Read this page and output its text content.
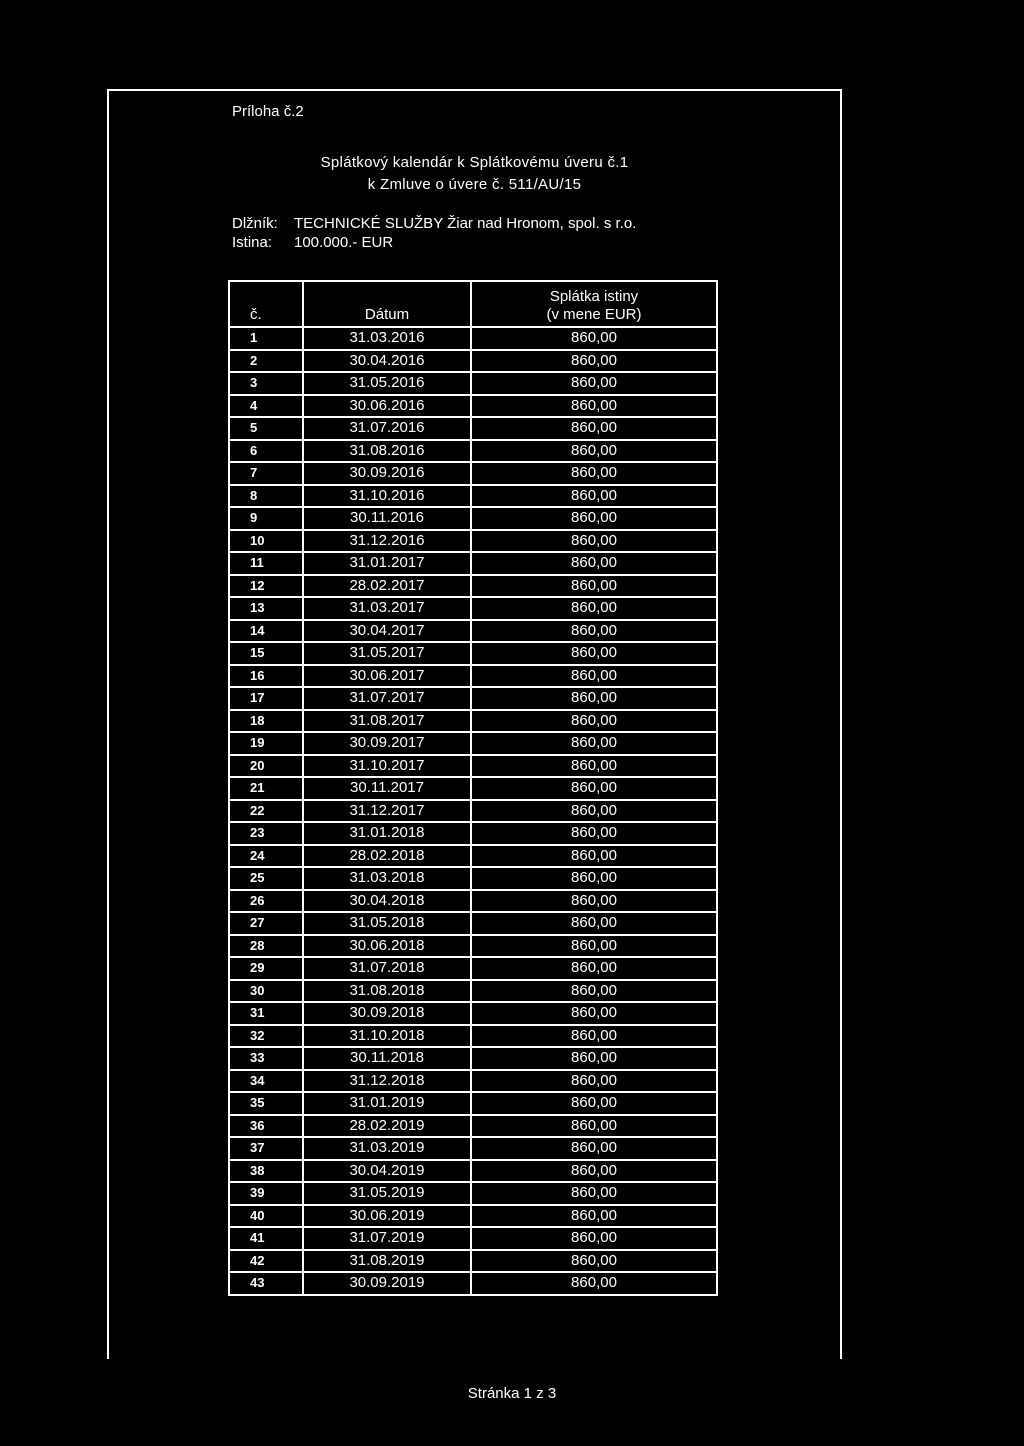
Príloha č.2
Splátkový kalendár k Splátkovému úveru č.1
k Zmluve o úvere č. 511/AU/15
Dlžník: TECHNICKÉ SLUŽBY Žiar nad Hronom, spol. s r.o.
Istina: 100.000.- EUR
č.	Dátum	Splátka istiny
(v mene EUR)

1	31.03.2016	860,00
2	30.04.2016	860,00
3	31.05.2016	860,00
4	30.06.2016	860,00
5	31.07.2016	860,00
6	31.08.2016	860,00
7	30.09.2016	860,00
8	31.10.2016	860,00
9	30.11.2016	860,00
10	31.12.2016	860,00
11	31.01.2017	860,00
12	28.02.2017	860,00
13	31.03.2017	860,00
14	30.04.2017	860,00
15	31.05.2017	860,00
16	30.06.2017	860,00
17	31.07.2017	860,00
18	31.08.2017	860,00
19	30.09.2017	860,00
20	31.10.2017	860,00
21	30.11.2017	860,00
22	31.12.2017	860,00
23	31.01.2018	860,00
24	28.02.2018	860,00
25	31.03.2018	860,00
26	30.04.2018	860,00
27	31.05.2018	860,00
28	30.06.2018	860,00
29	31.07.2018	860,00
30	31.08.2018	860,00
31	30.09.2018	860,00
32	31.10.2018	860,00
33	30.11.2018	860,00
34	31.12.2018	860,00
35	31.01.2019	860,00
36	28.02.2019	860,00
37	31.03.2019	860,00
38	30.04.2019	860,00
39	31.05.2019	860,00
40	30.06.2019	860,00
41	31.07.2019	860,00
42	31.08.2019	860,00
43	30.09.2019	860,00
Stránka 1 z 3
